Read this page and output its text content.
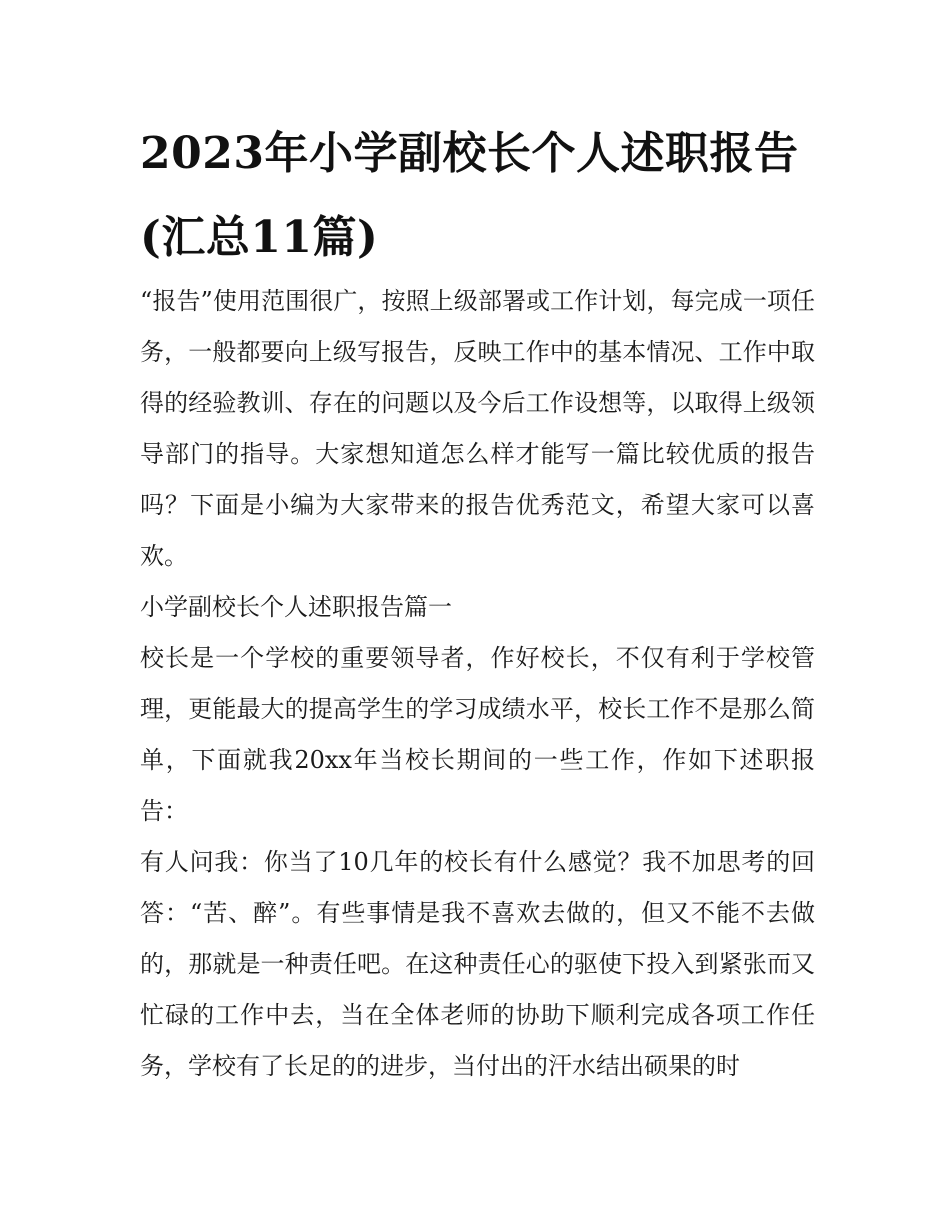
2023年小学副校长个人述职报告(汇总11篇)

“报告”使用范围很广，按照上级部署或工作计划，每完成一项任务，一般都要向上级写报告，反映工作中的基本情况、工作中取得的经验教训、存在的问题以及今后工作设想等，以取得上级领导部门的指导。大家想知道怎么样才能写一篇比较优质的报告吗？下面是小编为大家带来的报告优秀范文，希望大家可以喜欢。

小学副校长个人述职报告篇一

校长是一个学校的重要领导者，作好校长，不仅有利于学校管理，更能最大的提高学生的学习成绩水平，校长工作不是那么简单，下面就我20xx年当校长期间的一些工作，作如下述职报告：

有人问我：你当了10几年的校长有什么感觉？我不加思考的回答：“苦、醉”。有些事情是我不喜欢去做的，但又不能不去做的，那就是一种责任吧。在这种责任心的驱使下投入到紧张而又忙碌的工作中去，当在全体老师的协助下顺利完成各项工作任务，学校有了长足的的进步，当付出的汗水结出硕果的时
